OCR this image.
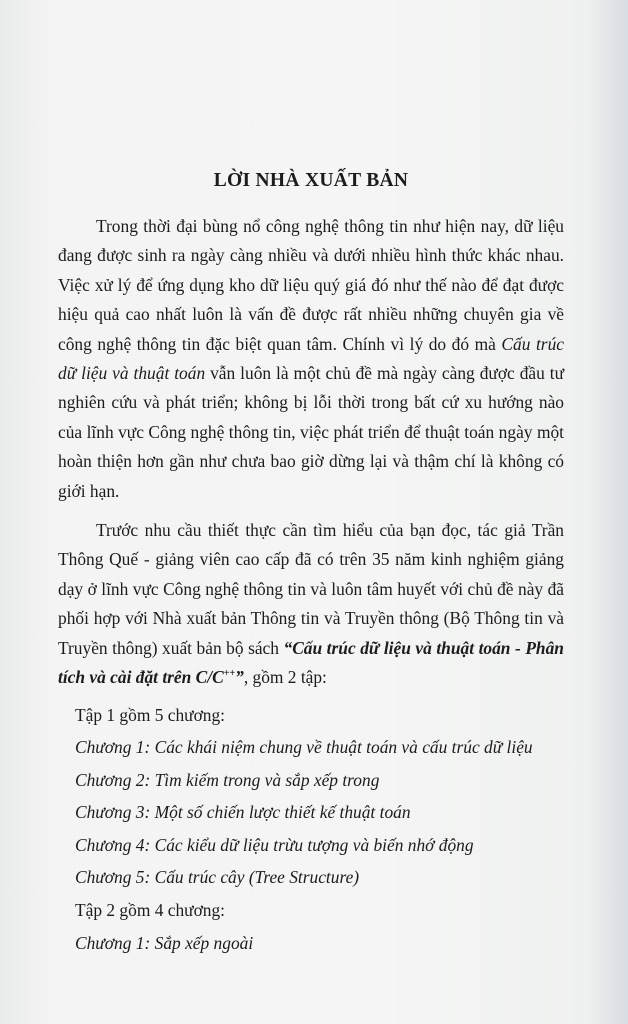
LỜI NHÀ XUẤT BẢN

Trong thời đại bùng nổ công nghệ thông tin như hiện nay, dữ liệu đang được sinh ra ngày càng nhiều và dưới nhiều hình thức khác nhau. Việc xử lý để ứng dụng kho dữ liệu quý giá đó như thế nào để đạt được hiệu quả cao nhất luôn là vấn đề được rất nhiều những chuyên gia về công nghệ thông tin đặc biệt quan tâm. Chính vì lý do đó mà Cấu trúc dữ liệu và thuật toán vẫn luôn là một chủ đề mà ngày càng được đầu tư nghiên cứu và phát triển; không bị lỗi thời trong bất cứ xu hướng nào của lĩnh vực Công nghệ thông tin, việc phát triển để thuật toán ngày một hoàn thiện hơn gần như chưa bao giờ dừng lại và thậm chí là không có giới hạn.

Trước nhu cầu thiết thực cần tìm hiểu của bạn đọc, tác giả Trần Thông Quế - giảng viên cao cấp đã có trên 35 năm kinh nghiệm giảng dạy ở lĩnh vực Công nghệ thông tin và luôn tâm huyết với chủ đề này đã phối hợp với Nhà xuất bản Thông tin và Truyền thông (Bộ Thông tin và Truyền thông) xuất bản bộ sách “Cấu trúc dữ liệu và thuật toán - Phân tích và cài đặt trên C/C++”, gồm 2 tập:

Tập 1 gồm 5 chương:
Chương 1: Các khái niệm chung về thuật toán và cấu trúc dữ liệu
Chương 2: Tìm kiếm trong và sắp xếp trong
Chương 3: Một số chiến lược thiết kế thuật toán
Chương 4: Các kiểu dữ liệu trừu tượng và biến nhớ động
Chương 5: Cấu trúc cây (Tree Structure)
Tập 2 gồm 4 chương:
Chương 1: Sắp xếp ngoài
